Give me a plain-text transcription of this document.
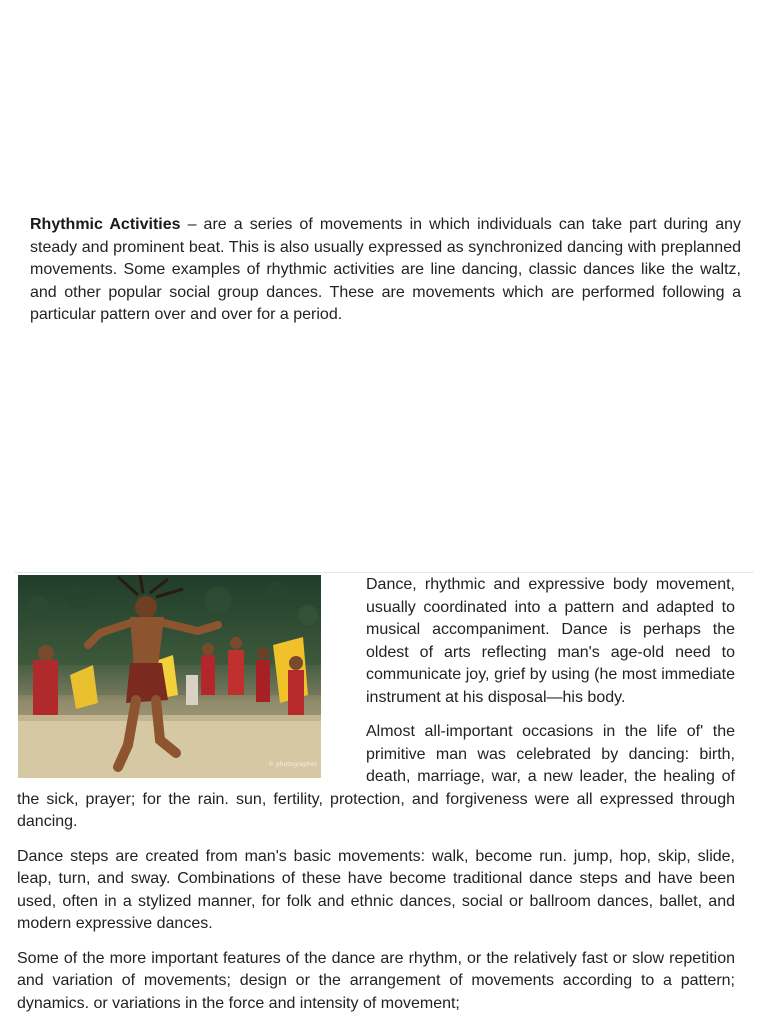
Rhythmic Activities – are a series of movements in which individuals can take part during any steady and prominent beat. This is also usually expressed as synchronized dancing with preplanned movements. Some examples of rhythmic activities are line dancing, classic dances like the waltz, and other popular social group dances. These are movements which are performed following a particular pattern over and over for a period.

© photographer

Dance, rhythmic and expressive body movement, usually coordinated into a pattern and adapted to musical accompaniment. Dance is perhaps the oldest of arts reflecting man's age-old need to communicate joy, grief by using (he most immediate instrument at his disposal—his body.

Almost all-important occasions in the life of' the primitive man was celebrated by dancing: birth, death, marriage, war, a new leader, the healing of the sick, prayer; for the rain. sun, fertility, protection, and forgiveness were all expressed through dancing.

Dance steps are created from man's basic movements: walk, become run. jump, hop, skip, slide, leap, turn, and sway. Combinations of these have become traditional dance steps and have been used, often in a stylized manner, for folk and ethnic dances, social or ballroom dances, ballet, and modern expressive dances.

Some of the more important features of the dance are rhythm, or the relatively fast or slow repetition and variation of movements; design or the arrangement of movements according to a pattern; dynamics. or variations in the force and intensity of movement;
